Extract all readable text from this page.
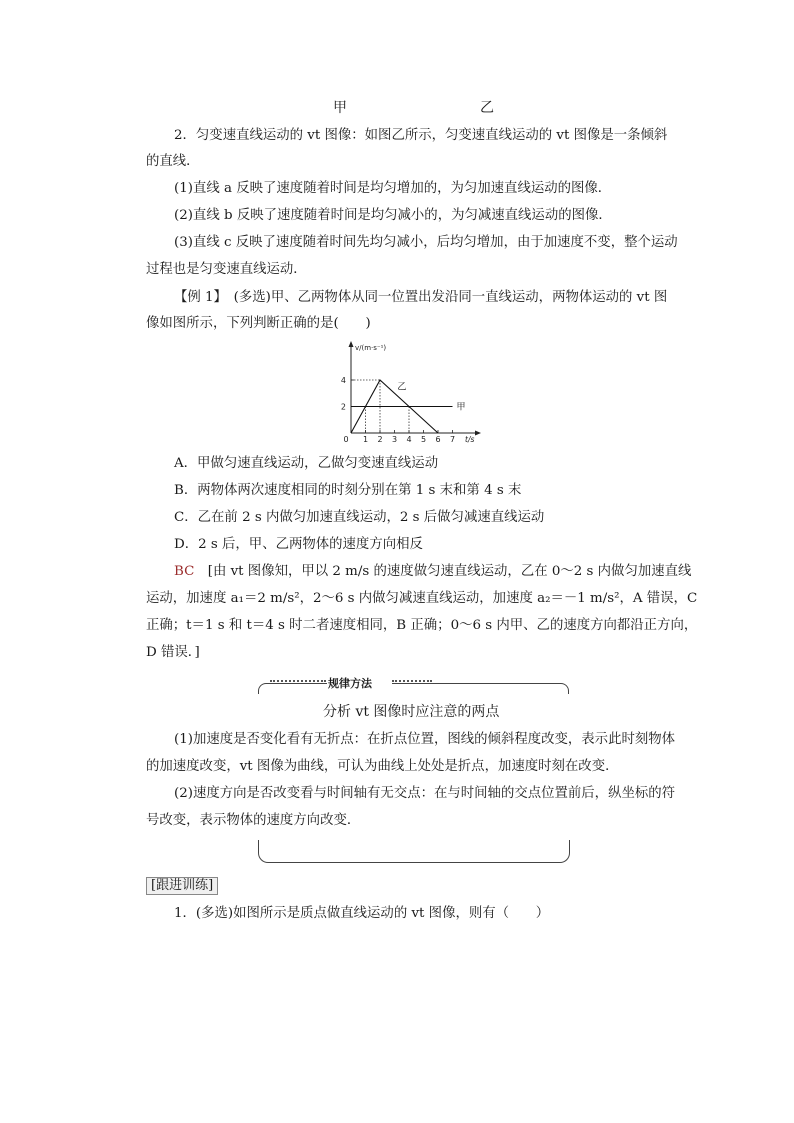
甲	乙
2．匀变速直线运动的 vt 图像：如图乙所示，匀变速直线运动的 vt 图像是一条倾斜
的直线．
(1)直线 a 反映了速度随着时间是均匀增加的，为匀加速直线运动的图像．
(2)直线 b 反映了速度随着时间是均匀减小的，为匀减速直线运动的图像．
(3)直线 c 反映了速度随着时间先均匀减小，后均匀增加，由于加速度不变，整个运动
过程也是匀变速直线运动．
【例 1】　(多选)甲、乙两物体从同一位置出发沿同一直线运动，两物体运动的 vt 图
像如图所示，下列判断正确的是(　　)
v/(m·s⁻¹)
t/s
0 1 2 3 4 5 6 7
2
4
甲
乙
A．甲做匀速直线运动，乙做匀变速直线运动
B．两物体两次速度相同的时刻分别在第 1 s 末和第 4 s 末
C．乙在前 2 s 内做匀加速直线运动，2 s 后做匀减速直线运动
D．2 s 后，甲、乙两物体的速度方向相反
BC　[由 vt 图像知，甲以 2 m/s 的速度做匀速直线运动，乙在 0～2 s 内做匀加速直线
运动，加速度 a₁＝2 m/s²，2～6 s 内做匀减速直线运动，加速度 a₂＝－1 m/s²，A 错误，C
正确；t＝1 s 和 t＝4 s 时二者速度相同，B 正确；0～6 s 内甲、乙的速度方向都沿正方向，
D 错误．]
规律方法
分析 vt 图像时应注意的两点
(1)加速度是否变化看有无折点：在折点位置，图线的倾斜程度改变，表示此时刻物体
的加速度改变，vt 图像为曲线，可认为曲线上处处是折点，加速度时刻在改变．
(2)速度方向是否改变看与时间轴有无交点：在与时间轴的交点位置前后，纵坐标的符
号改变，表示物体的速度方向改变．
[跟进训练]
1．(多选)如图所示是质点做直线运动的 vt 图像，则有（　　）
